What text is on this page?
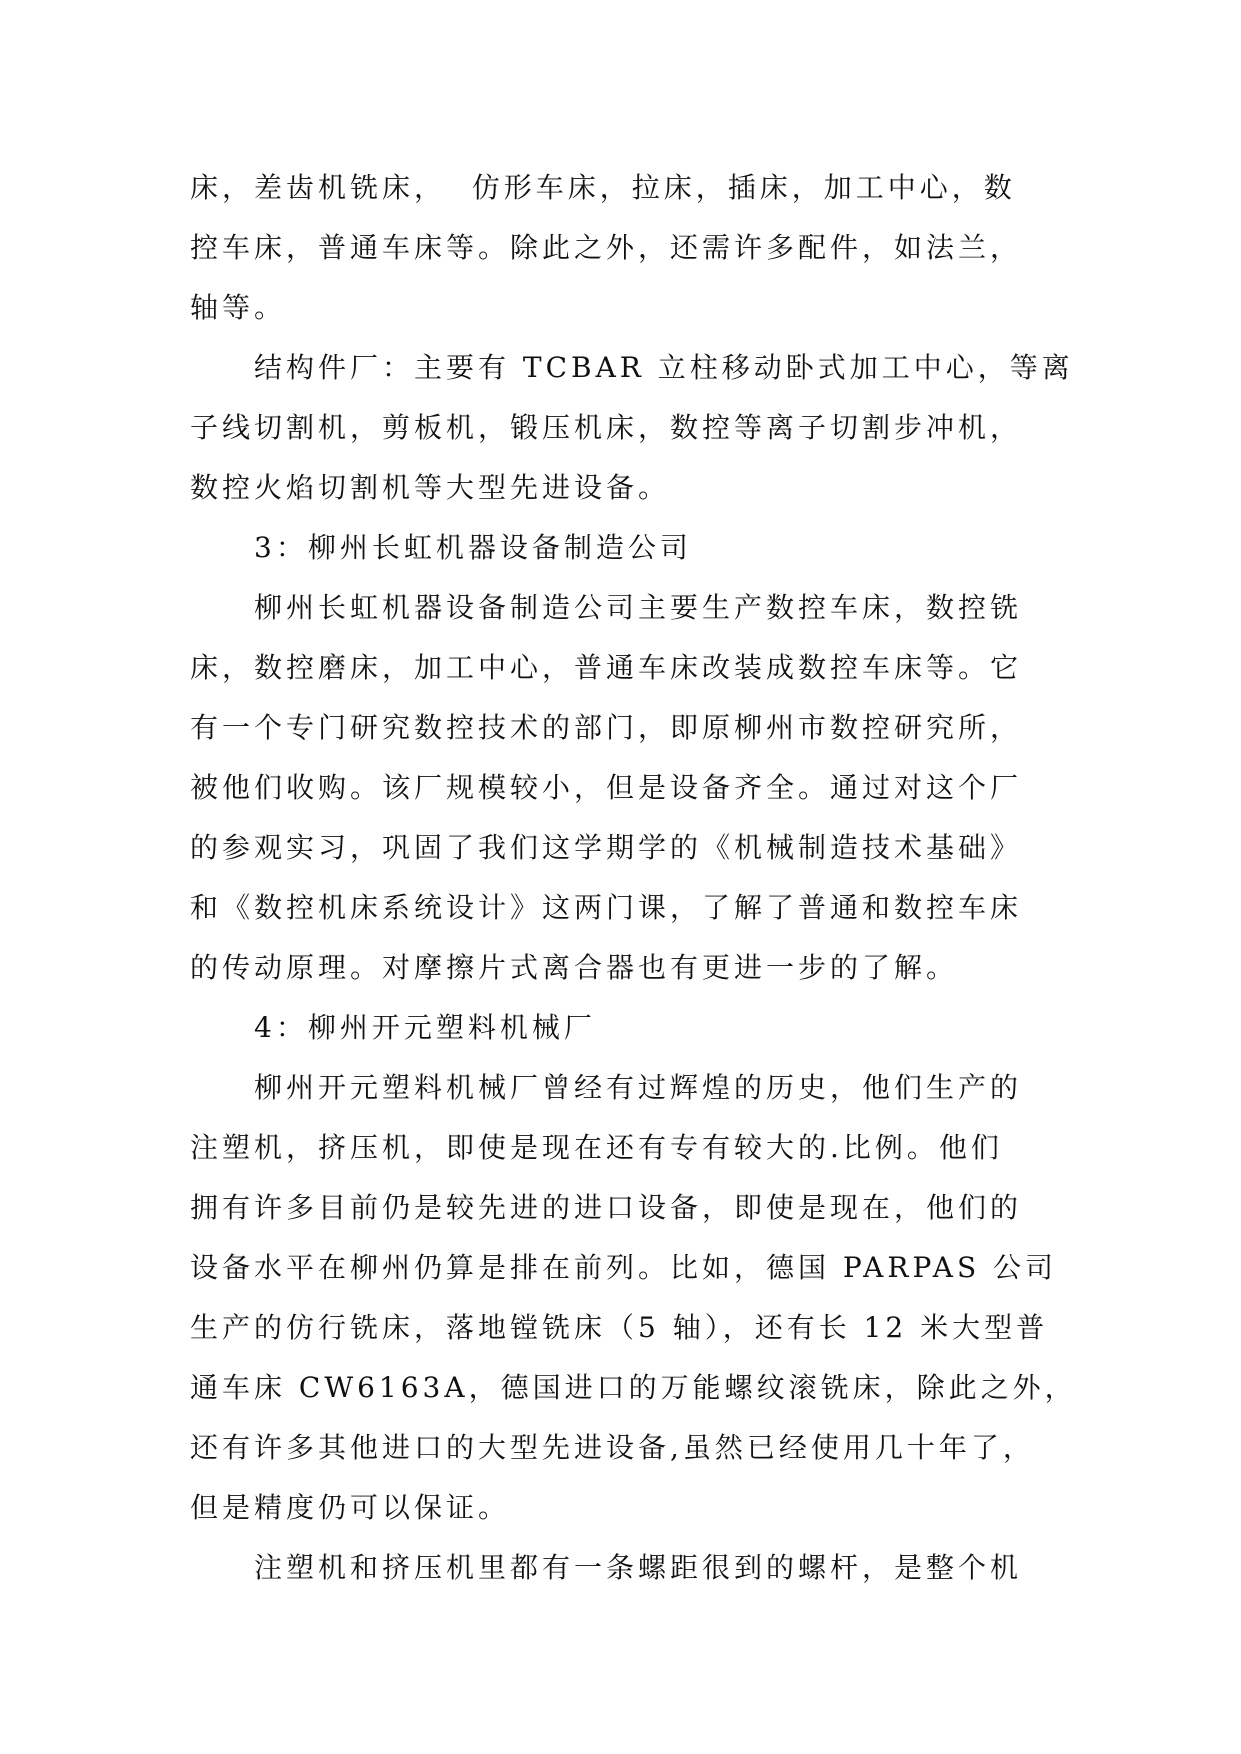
床，差齿机铣床，  仿形车床，拉床，插床，加工中心，数
控车床，普通车床等。除此之外，还需许多配件，如法兰，
轴等。
结构件厂：主要有 TCBAR 立柱移动卧式加工中心，等离
子线切割机，剪板机，锻压机床，数控等离子切割步冲机，
数控火焰切割机等大型先进设备。
3：柳州长虹机器设备制造公司
柳州长虹机器设备制造公司主要生产数控车床，数控铣
床，数控磨床，加工中心，普通车床改装成数控车床等。它
有一个专门研究数控技术的部门，即原柳州市数控研究所，
被他们收购。该厂规模较小，但是设备齐全。通过对这个厂
的参观实习，巩固了我们这学期学的《机械制造技术基础》
和《数控机床系统设计》这两门课，了解了普通和数控车床
的传动原理。对摩擦片式离合器也有更进一步的了解。
4：柳州开元塑料机械厂
柳州开元塑料机械厂曾经有过辉煌的历史，他们生产的
注塑机，挤压机，即使是现在还有专有较大的.比例。他们
拥有许多目前仍是较先进的进口设备，即使是现在，他们的
设备水平在柳州仍算是排在前列。比如，德国 PARPAS 公司
生产的仿行铣床，落地镗铣床（5 轴），还有长 12 米大型普
通车床 CW6163A，德国进口的万能螺纹滚铣床，除此之外，
还有许多其他进口的大型先进设备,虽然已经使用几十年了，
但是精度仍可以保证。
注塑机和挤压机里都有一条螺距很到的螺杆，是整个机
